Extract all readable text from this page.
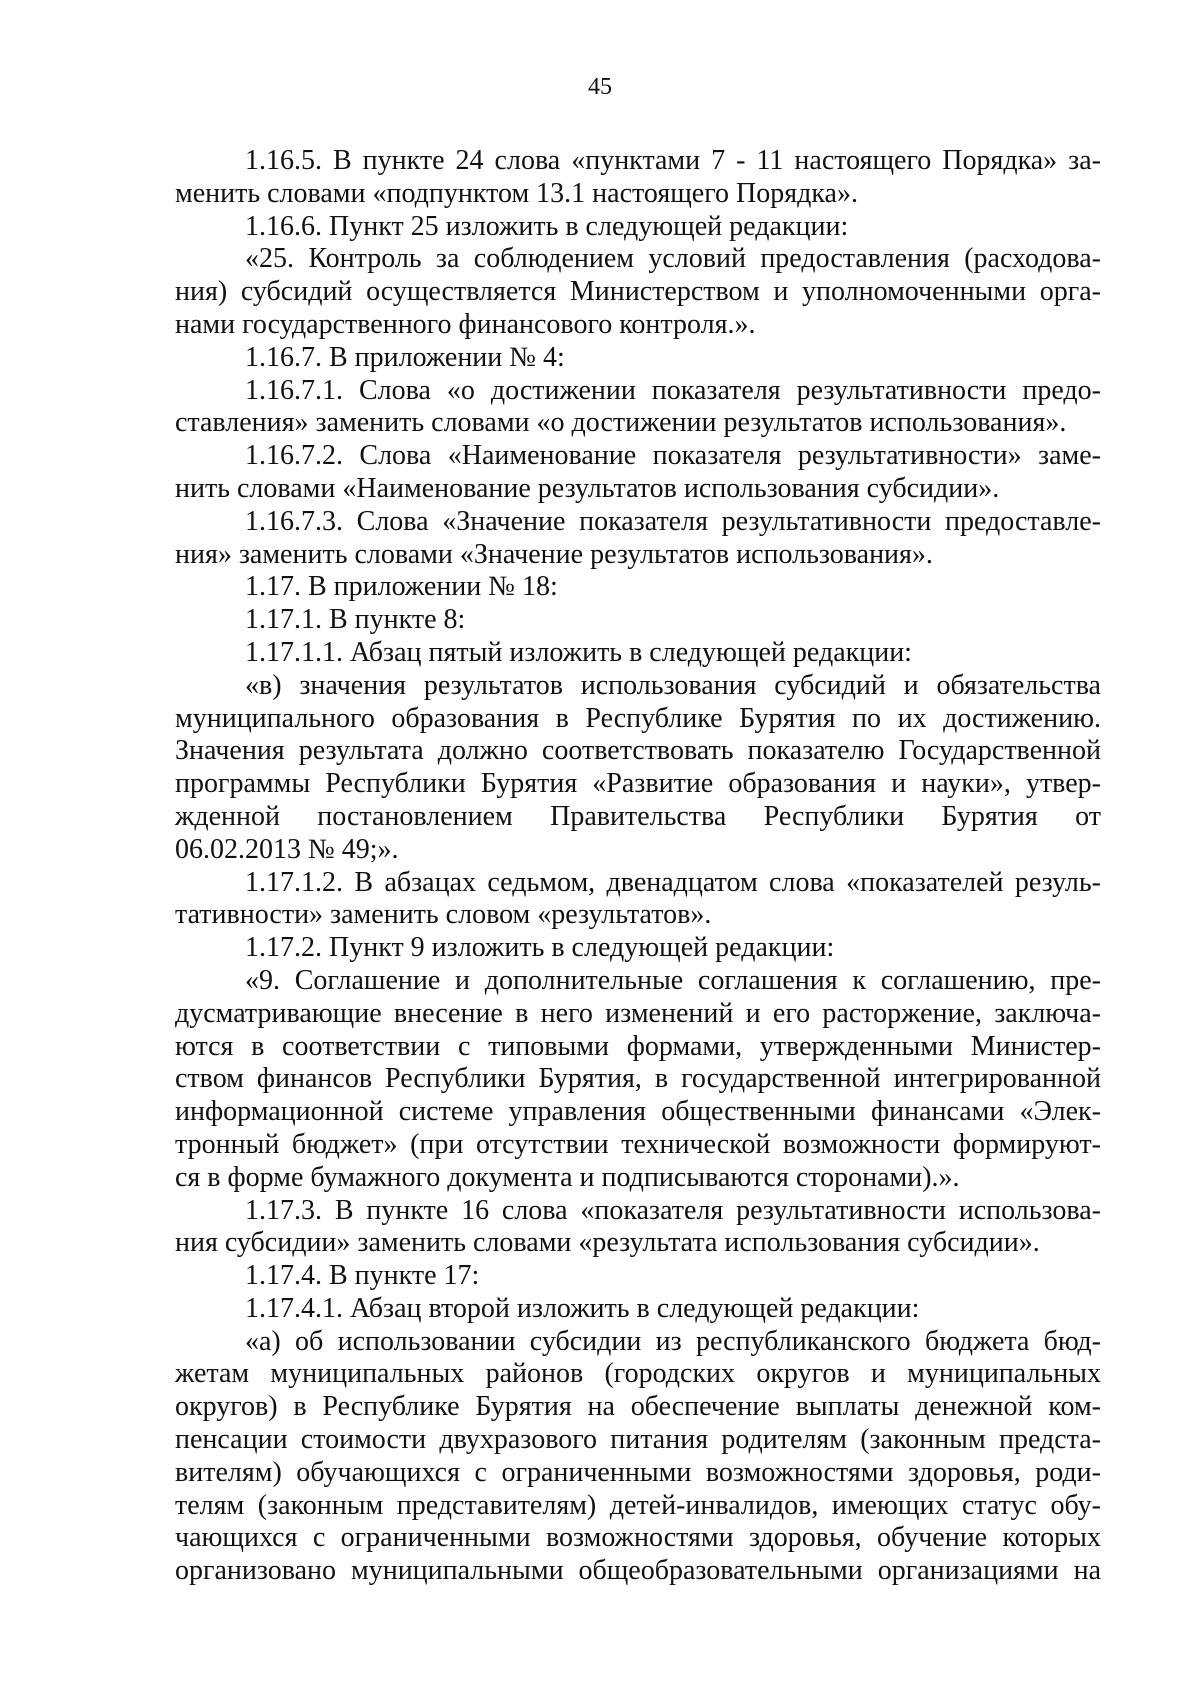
45
1.16.5. В пункте 24 слова «пунктами 7 - 11 настоящего Порядка» за-
менить словами «подпунктом 13.1 настоящего Порядка».
1.16.6. Пункт 25 изложить в следующей редакции:
«25. Контроль за соблюдением условий предоставления (расходова-
ния) субсидий осуществляется Министерством и уполномоченными орга-
нами государственного финансового контроля.».
1.16.7. В приложении № 4:
1.16.7.1. Слова «о достижении показателя результативности предо-
ставления» заменить словами «о достижении результатов использования».
1.16.7.2. Слова «Наименование показателя результативности» заме-
нить словами «Наименование результатов использования субсидии».
1.16.7.3. Слова «Значение показателя результативности предоставле-
ния» заменить словами «Значение результатов использования».
1.17. В приложении № 18:
1.17.1. В пункте 8:
1.17.1.1. Абзац пятый изложить в следующей редакции:
«в) значения результатов использования субсидий и обязательства
муниципального образования в Республике Бурятия по их достижению.
Значения результата должно соответствовать показателю Государственной
программы Республики Бурятия «Развитие образования и науки», утвер-
жденной постановлением Правительства Республики Бурятия от
06.02.2013 № 49;».
1.17.1.2. В абзацах седьмом, двенадцатом слова «показателей резуль-
тативности» заменить словом «результатов».
1.17.2. Пункт 9 изложить в следующей редакции:
«9. Соглашение и дополнительные соглашения к соглашению, пре-
дусматривающие внесение в него изменений и его расторжение, заключа-
ются в соответствии с типовыми формами, утвержденными Министер-
ством финансов Республики Бурятия, в государственной интегрированной
информационной системе управления общественными финансами «Элек-
тронный бюджет» (при отсутствии технической возможности формируют-
ся в форме бумажного документа и подписываются сторонами).».
1.17.3. В пункте 16 слова «показателя результативности использова-
ния субсидии» заменить словами «результата использования субсидии».
1.17.4. В пункте 17:
1.17.4.1. Абзац второй изложить в следующей редакции:
«а) об использовании субсидии из республиканского бюджета бюд-
жетам муниципальных районов (городских округов и муниципальных
округов) в Республике Бурятия на обеспечение выплаты денежной ком-
пенсации стоимости двухразового питания родителям (законным предста-
вителям) обучающихся с ограниченными возможностями здоровья, роди-
телям (законным представителям) детей-инвалидов, имеющих статус обу-
чающихся с ограниченными возможностями здоровья, обучение которых
организовано муниципальными общеобразовательными организациями на
